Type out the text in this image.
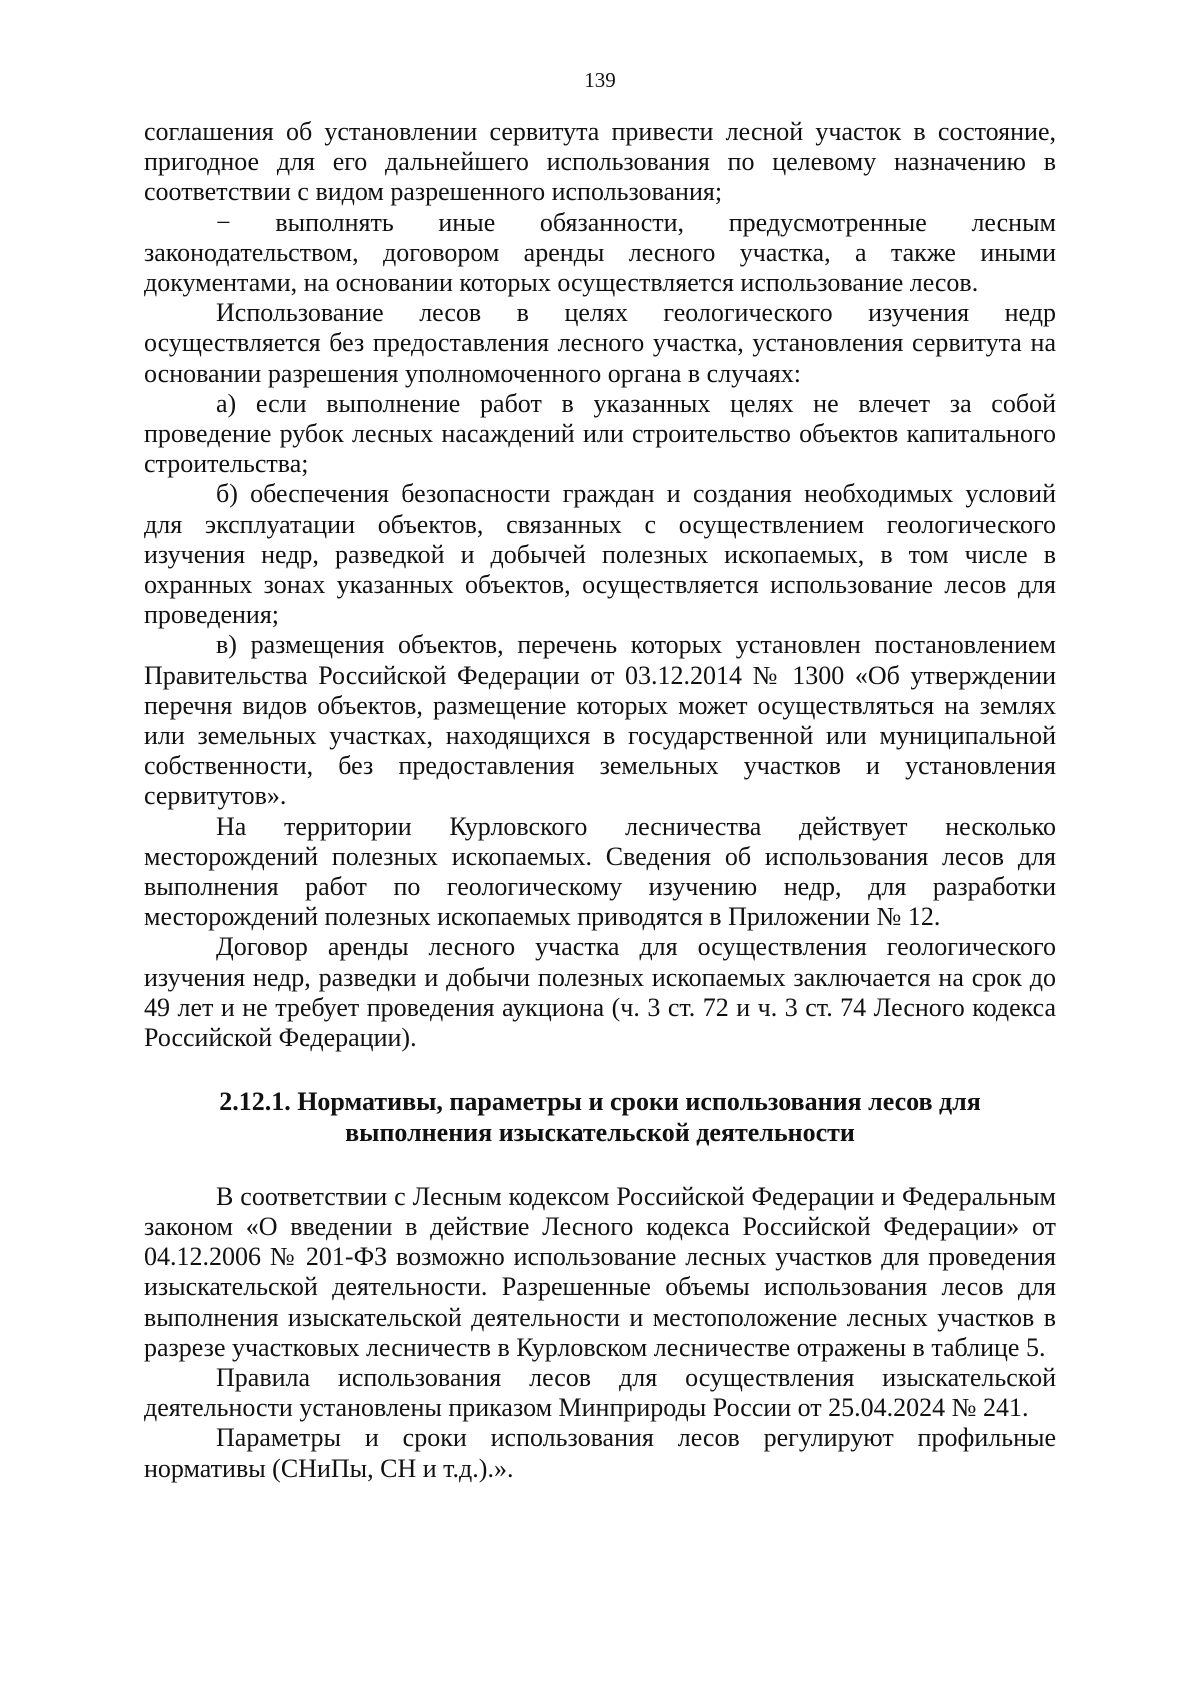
139

соглашения об установлении сервитута привести лесной участок в состояние, пригодное для его дальнейшего использования по целевому назначению в соответствии с видом разрешенного использования;

− выполнять иные обязанности, предусмотренные лесным законодательством, договором аренды лесного участка, а также иными документами, на основании которых осуществляется использование лесов.

Использование лесов в целях геологического изучения недр осуществляется без предоставления лесного участка, установления сервитута на основании разрешения уполномоченного органа в случаях:

а) если выполнение работ в указанных целях не влечет за собой проведение рубок лесных насаждений или строительство объектов капитального строительства;

б) обеспечения безопасности граждан и создания необходимых условий для эксплуатации объектов, связанных с осуществлением геологического изучения недр, разведкой и добычей полезных ископаемых, в том числе в охранных зонах указанных объектов, осуществляется использование лесов для проведения;

в) размещения объектов, перечень которых установлен постановлением Правительства Российской Федерации от 03.12.2014 № 1300 «Об утверждении перечня видов объектов, размещение которых может осуществляться на землях или земельных участках, находящихся в государственной или муниципальной собственности, без предоставления земельных участков и установления сервитутов».

На территории Курловского лесничества действует несколько месторождений полезных ископаемых. Сведения об использования лесов для выполнения работ по геологическому изучению недр, для разработки месторождений полезных ископаемых приводятся в Приложении № 12.

Договор аренды лесного участка для осуществления геологического изучения недр, разведки и добычи полезных ископаемых заключается на срок до 49 лет и не требует проведения аукциона (ч. 3 ст. 72 и ч. 3 ст. 74 Лесного кодекса Российской Федерации).

2.12.1. Нормативы, параметры и сроки использования лесов для выполнения изыскательской деятельности

В соответствии с Лесным кодексом Российской Федерации и Федеральным законом «О введении в действие Лесного кодекса Российской Федерации» от 04.12.2006 № 201-ФЗ возможно использование лесных участков для проведения изыскательской деятельности. Разрешенные объемы использования лесов для выполнения изыскательской деятельности и местоположение лесных участков в разрезе участковых лесничеств в Курловском лесничестве отражены в таблице 5.

Правила использования лесов для осуществления изыскательской деятельности установлены приказом Минприроды России от 25.04.2024 № 241.

Параметры и сроки использования лесов регулируют профильные нормативы (СНиПы, СН и т.д.).».
